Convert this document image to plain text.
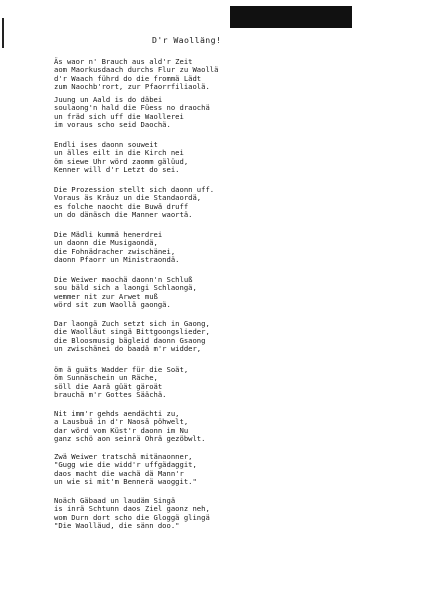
D'r Waolläng!
Äs waor n' Brauch aus ald'r Zeit
aom Maorkusdaach durchs Flur zu Waollä
d'r Waach führd do die frommä Lädt
zum Naochb'rort, zur Pfaorrfiliaolä.
Juung un Aald is do däbei
soulaong'n hald die Füess no draochä
un fräd sich uff die Waollerei
im voraus scho seid Daochä.
Endli ises daonn souweit
un älles eilt in die Kirch nei
öm siewe Uhr wörd zaomm gälüud,
Kenner will d'r Letzt do sei.
Die Prozession stellt sich daonn uff.
Voraus äs Kräuz un die Standaordä,
es folche naocht die Buwä druff
un do dänäsch die Manner waortä.
Die Mädli kummä henerdrei
un daonn die Musigaondä,
die Fohnädracher zwischänei,
daonn Pfaorr un Ministraondä.
Die Weiwer maochä daonn'n Schluß
sou bäld sich a laongi Schlaongä,
wemmer nit zur Arwet muß
wörd sit zum Waollä gaongä.
Dar laongä Zuch setzt sich in Gaong,
die Waolläut singä Bittgoongslieder,
die Bloosmusig bägleid daonn Gsaong
un zwischänei do baadä m'r widder,
öm ä guäts Wadder für die Soät,
öm Sunnäschein un Räche,
söll die Aarä güät gäroät
brauchä m'r Gottes Säächä.
Nit imm'r gehds aendächti zu,
a Lausbuä in d'r Naosä pöhwelt,
dar wörd vom Küst'r daonn im Nu
ganz schö aon seinrä Ohrä gezöbwlt.
Zwä Weiwer tratschä mitänaonner,
"Gugg wie die widd'r uffgädaggit,
daos macht die wachä dä Mann'r
un wie si mit'm Bennerä waoggit."
Noäch Gäbaad un laudäm Singä
is inrä Schtunn daos Ziel gaonz neh,
wom Durn dort scho die Gloggä glingä
"Die Waolläud, die sänn doo."
